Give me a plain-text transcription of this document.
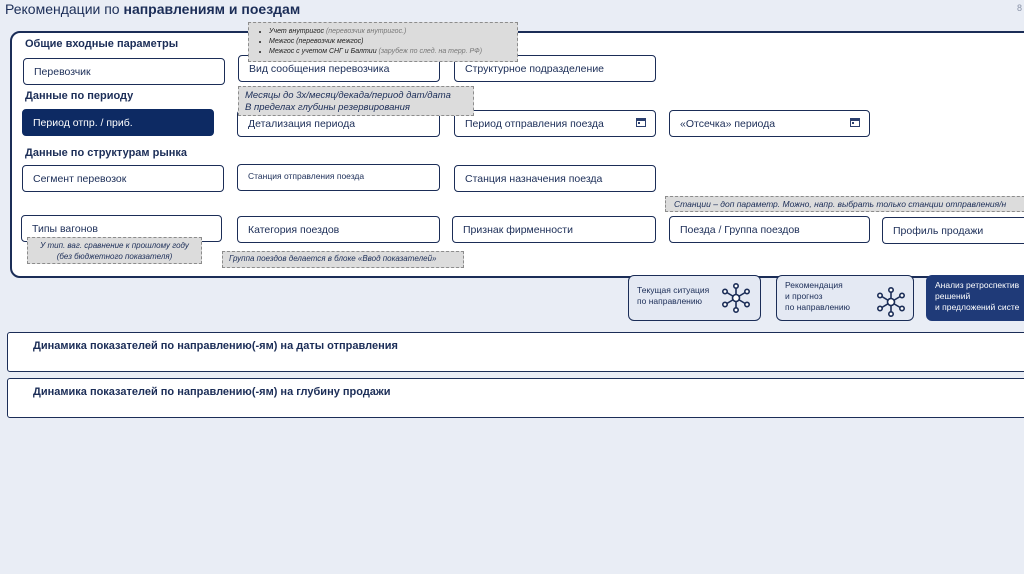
Рекомендации по направлениям и поездам	8
Общие входные параметры
Данные по периоду
Данные по структурам рынка
Перевозчик	Вид сообщения перевозчика	Структурное подразделение
Период отпр. / приб.	Детализация периода	Период отправления поезда	«Отсечка» периода
Сегмент перевозок	Станция отправления поезда	Станция назначения поезда
Типы вагонов	Категория поездов	Признак фирменности	Поезда / Группа поездов	Профиль продажи
• Учет внутригос (перевозчик внутригос.)
• Межгос (перевозчик межгос)
• Межгос с учетом СНГ и Балтии (зарубеж по след. на терр. РФ)
Месяцы до 3х/месяц/декада/период дат/дата
В пределах глубины резервирования
Станции – доп параметр. Можно, напр. выбрать только станции отправления/н
У тип. ваг. сравнение к прошлому году
(без бюджетного показателя)	Группа поездов делается в блоке «Ввод показателей»
Текущая ситуация
по направлению
Рекомендация
и прогноз
по направлению
Анализ ретроспектив
решений
и предложений систе
Динамика показателей по направлению(-ям) на даты отправления
Динамика показателей по направлению(-ям) на глубину продажи
